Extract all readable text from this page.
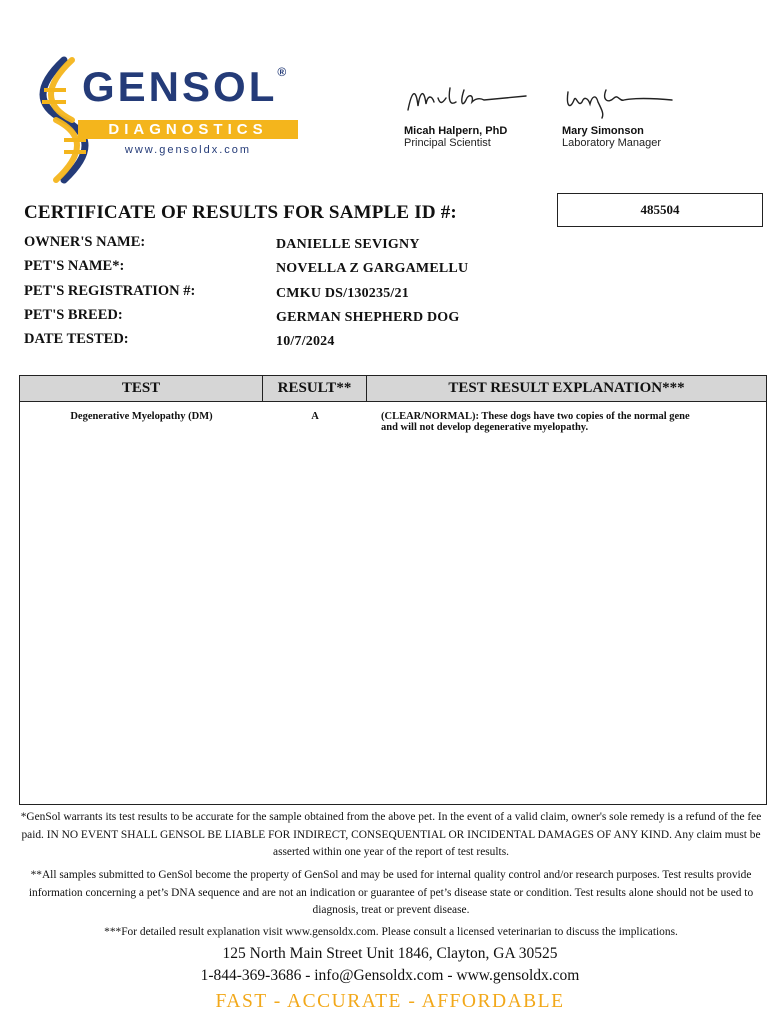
GENSOL®
DIAGNOSTICS
www.gensoldx.com
Micah Halpern, PhD
Principal Scientist
Mary Simonson
Laboratory Manager
CERTIFICATE OF RESULTS FOR SAMPLE ID #:	485504
OWNER'S NAME:	DANIELLE SEVIGNY
PET'S NAME*:	NOVELLA Z GARGAMELLU
PET'S REGISTRATION #:	CMKU DS/130235/21
PET'S BREED:	GERMAN SHEPHERD DOG
DATE TESTED:	10/7/2024
TEST	RESULT**	TEST RESULT EXPLANATION***
Degenerative Myelopathy (DM)	A	(CLEAR/NORMAL): These dogs have two copies of the normal gene and will not develop degenerative myelopathy.
*GenSol warrants its test results to be accurate for the sample obtained from the above pet. In the event of a valid claim, owner's sole remedy is a refund of the fee paid. IN NO EVENT SHALL GENSOL BE LIABLE FOR INDIRECT, CONSEQUENTIAL OR INCIDENTAL DAMAGES OF ANY KIND. Any claim must be asserted within one year of the report of test results.
**All samples submitted to GenSol become the property of GenSol and may be used for internal quality control and/or research purposes. Test results provide information concerning a pet’s DNA sequence and are not an indication or guarantee of pet’s disease state or condition. Test results alone should not be used to diagnosis, treat or prevent disease.
***For detailed result explanation visit www.gensoldx.com. Please consult a licensed veterinarian to discuss the implications.
125 North Main Street Unit 1846, Clayton, GA 30525
1-844-369-3686 - info@Gensoldx.com - www.gensoldx.com
FAST - ACCURATE - AFFORDABLE
